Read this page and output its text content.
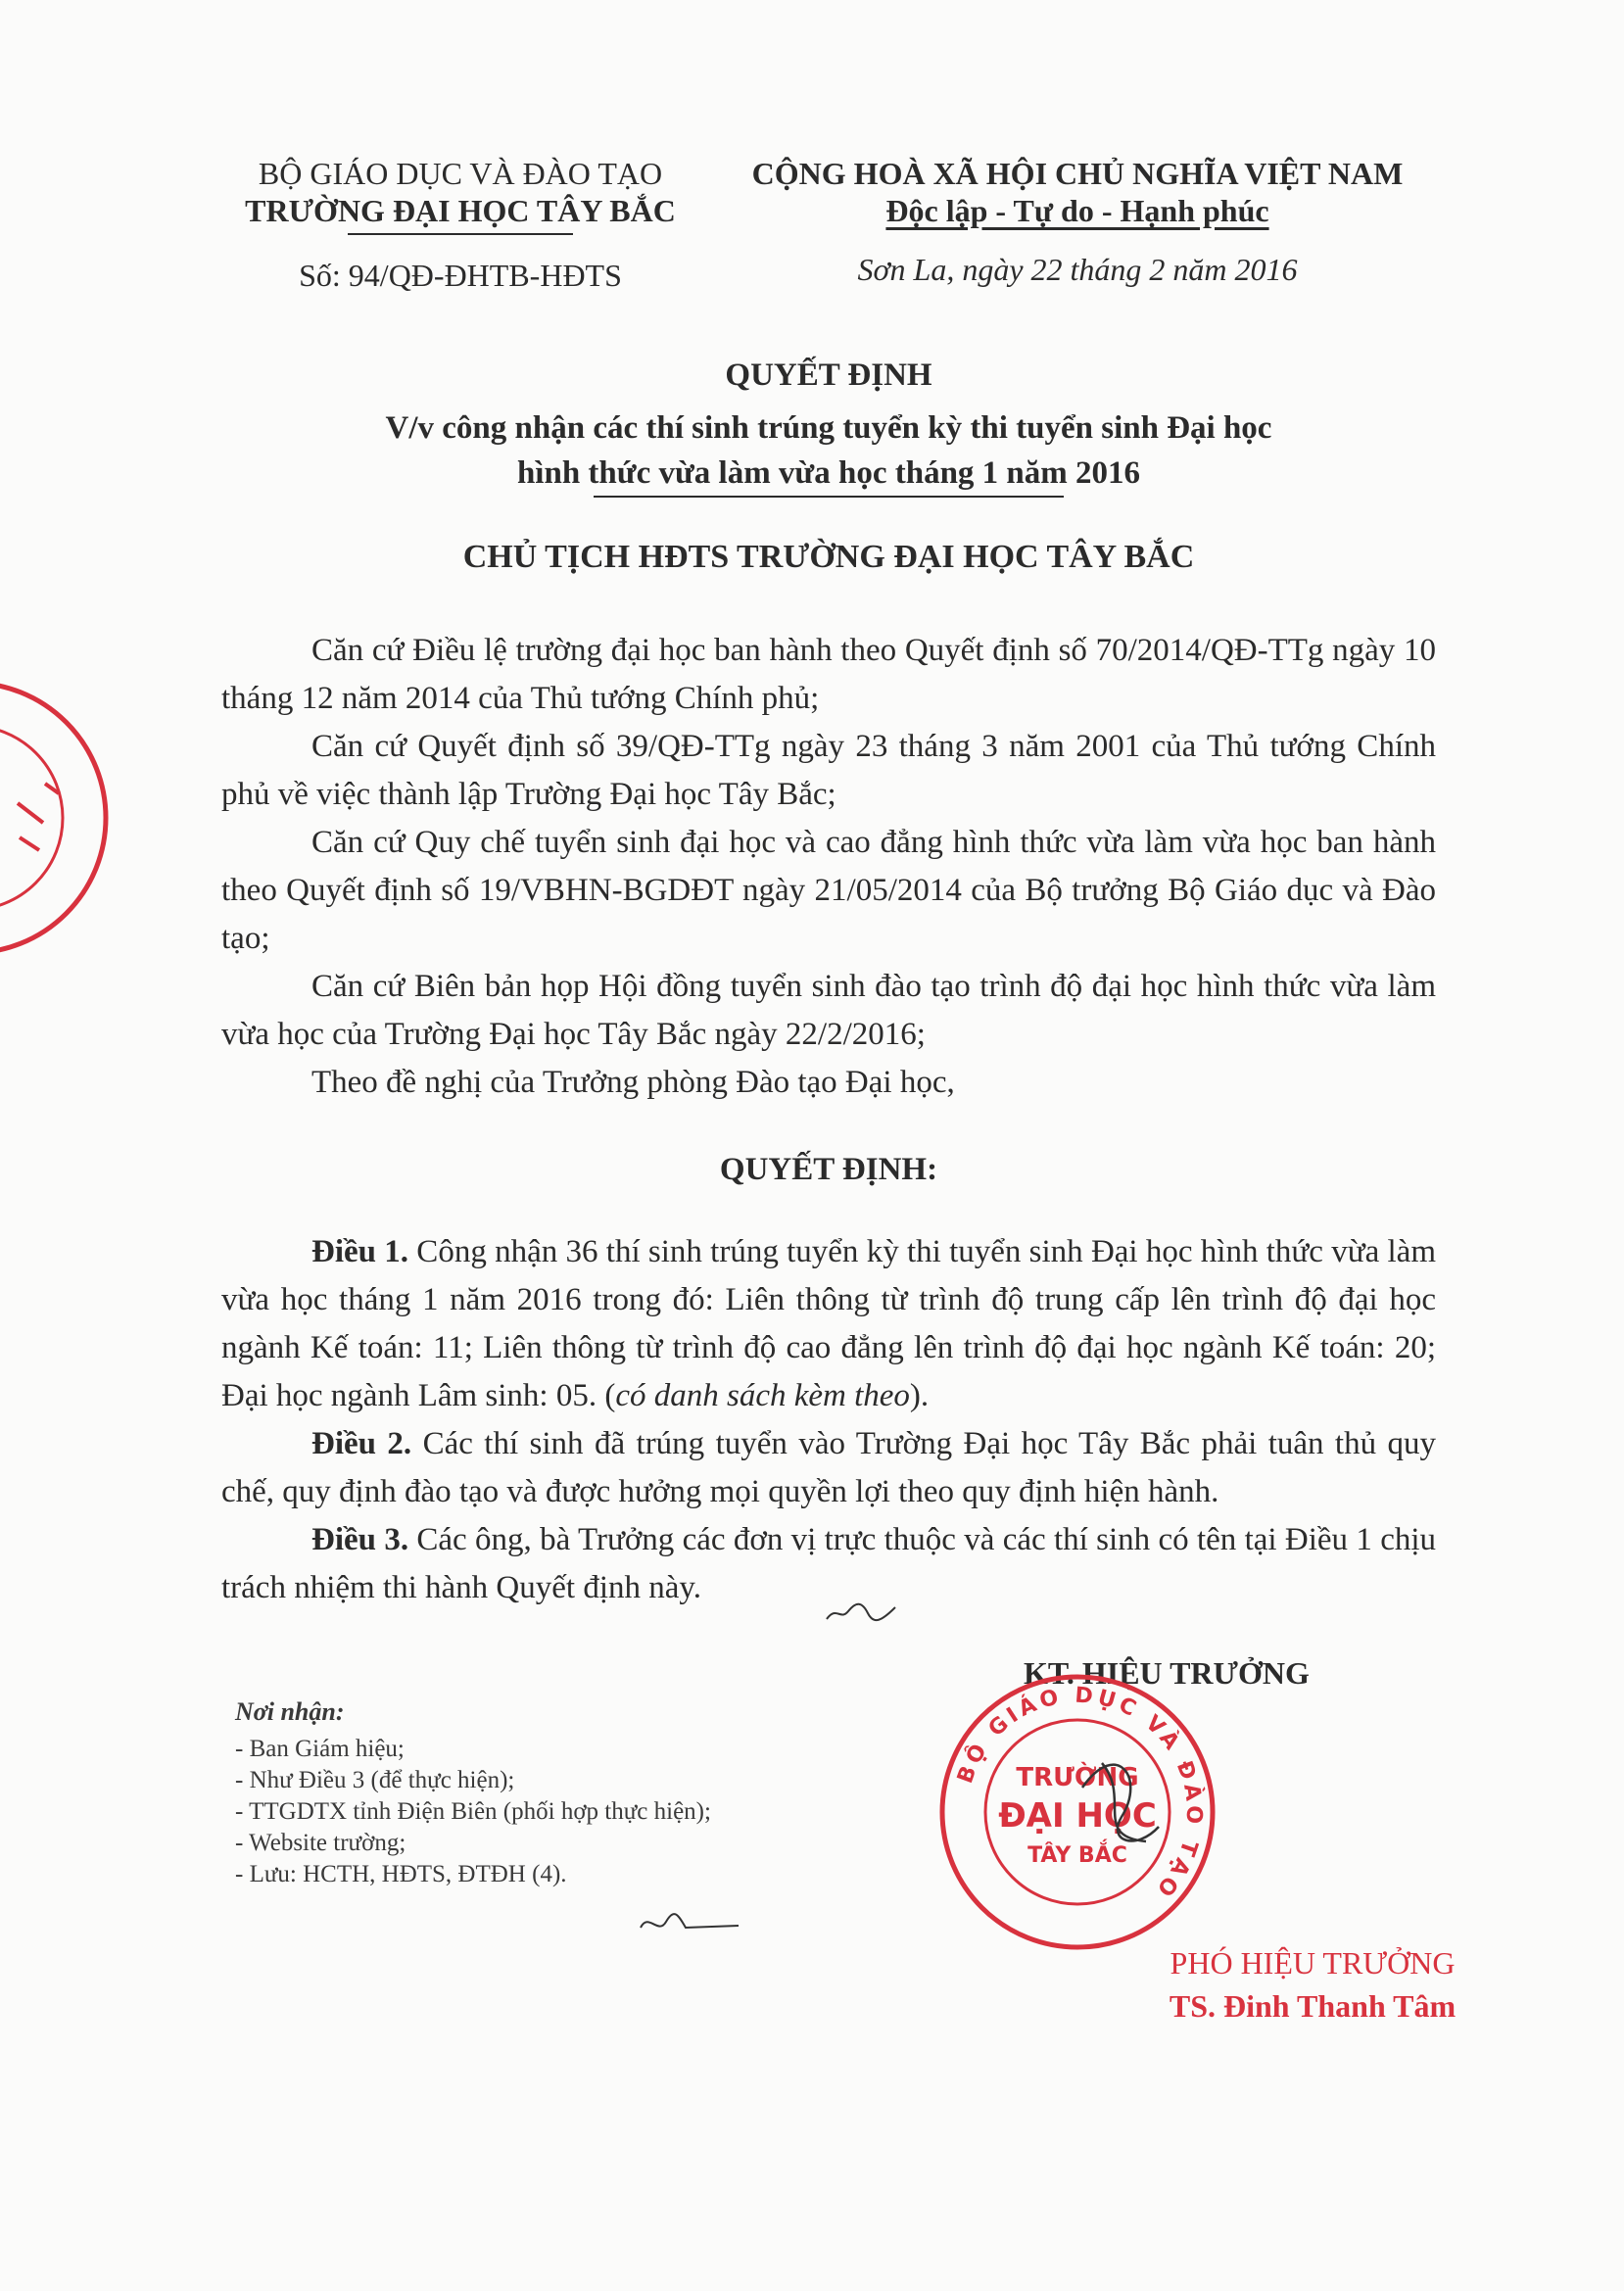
BỘ GIÁO DỤC VÀ ĐÀO TẠO
TRƯỜNG ĐẠI HỌC TÂY BẮC
Số: 94/QĐ-ĐHTB-HĐTS
CỘNG HOÀ XÃ HỘI CHỦ NGHĨA VIỆT NAM
Độc lập - Tự do - Hạnh phúc
Sơn La, ngày 22 tháng 2 năm 2016
QUYẾT ĐỊNH
V/v công nhận các thí sinh trúng tuyển kỳ thi tuyển sinh Đại học
hình thức vừa làm vừa học tháng 1 năm 2016
CHỦ TỊCH HĐTS TRƯỜNG ĐẠI HỌC TÂY BẮC

Căn cứ Điều lệ trường đại học ban hành theo Quyết định số 70/2014/QĐ-TTg ngày 10 tháng 12 năm 2014 của Thủ tướng Chính phủ;

Căn cứ Quyết định số 39/QĐ-TTg ngày 23 tháng 3 năm 2001 của Thủ tướng Chính phủ về việc thành lập Trường Đại học Tây Bắc;

Căn cứ Quy chế tuyển sinh đại học và cao đẳng hình thức vừa làm vừa học ban hành theo Quyết định số 19/VBHN-BGDĐT ngày 21/05/2014 của Bộ trưởng Bộ Giáo dục và Đào tạo;

Căn cứ Biên bản họp Hội đồng tuyển sinh đào tạo trình độ đại học hình thức vừa làm vừa học của Trường Đại học Tây Bắc ngày 22/2/2016;

Theo đề nghị của Trưởng phòng Đào tạo Đại học,

QUYẾT ĐỊNH:

Điều 1. Công nhận 36 thí sinh trúng tuyển kỳ thi tuyển sinh Đại học hình thức vừa làm vừa học tháng 1 năm 2016 trong đó: Liên thông từ trình độ trung cấp lên trình độ đại học ngành Kế toán: 11; Liên thông từ trình độ cao đẳng lên trình độ đại học ngành Kế toán: 20; Đại học ngành Lâm sinh: 05. (có danh sách kèm theo).

Điều 2. Các thí sinh đã trúng tuyển vào Trường Đại học Tây Bắc phải tuân thủ quy chế, quy định đào tạo và được hưởng mọi quyền lợi theo quy định hiện hành.

Điều 3. Các ông, bà Trưởng các đơn vị trực thuộc và các thí sinh có tên tại Điều 1 chịu trách nhiệm thi hành Quyết định này.

Nơi nhận:
- Ban Giám hiệu;
- Như Điều 3 (để thực hiện);
- TTGDTX tỉnh Điện Biên (phối hợp thực hiện);
- Website trường;
- Lưu: HCTH, HĐTS, ĐTĐH (4).
KT. HIỆU TRƯỞNG
BỘ GIÁO DỤC VÀ ĐÀO TẠO
TRƯỜNG
ĐẠI HỌC
TÂY BẮC
PHÓ HIỆU TRƯỞNG
TS. Đinh Thanh Tâm
